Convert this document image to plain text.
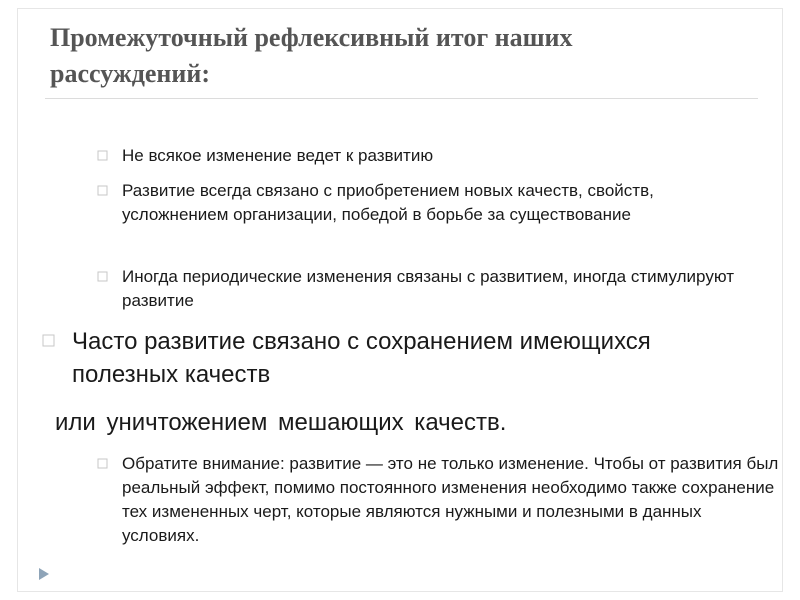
Промежуточный рефлексивный итог наших рассуждений:
Не всякое изменение ведет к развитию
Развитие всегда связано с приобретением новых качеств, свойств, усложнением организации, победой в борьбе за существование
Иногда периодические изменения связаны с развитием, иногда стимулируют развитие
Часто развитие связано с сохранением имеющихся полезных качеств
или уничтожением мешающих качеств.
Обратите внимание: развитие — это не только изменение. Чтобы от развития был реальный эффект, помимо постоянного изменения необходимо также сохранение тех измененных черт, которые являются нужными и полезными в данных условиях.
